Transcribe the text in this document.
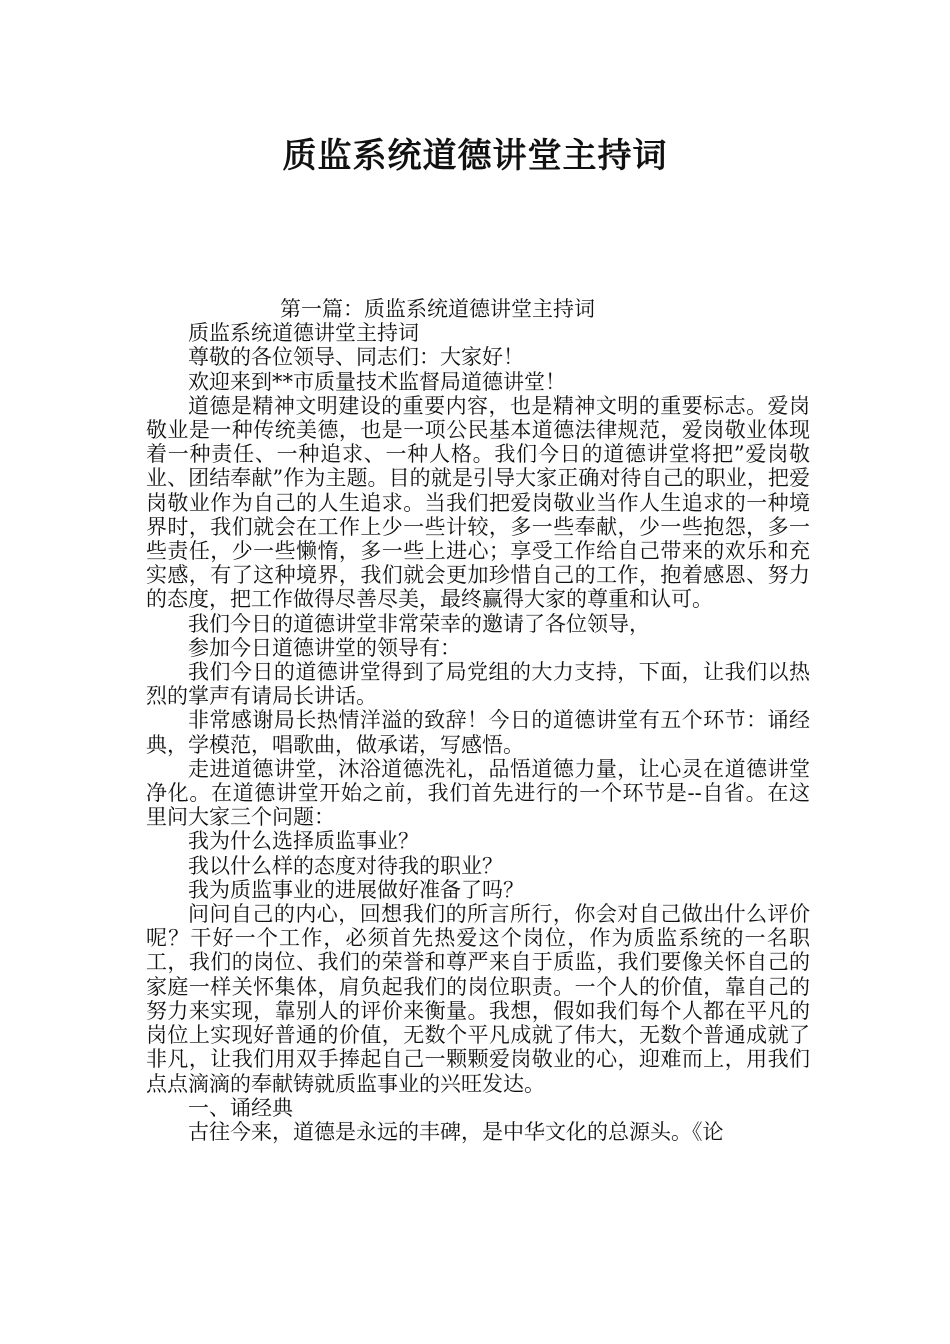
质监系统道德讲堂主持词

第一篇：质监系统道德讲堂主持词

质监系统道德讲堂主持词

尊敬的各位领导、同志们：大家好！

欢迎来到**市质量技术监督局道德讲堂！

道德是精神文明建设的重要内容，也是精神文明的重要标志。爱岗敬业是一种传统美德，也是一项公民基本道德法律规范，爱岗敬业体现着一种责任、一种追求、一种人格。我们今日的道德讲堂将把”爱岗敬业、团结奉献”作为主题。目的就是引导大家正确对待自己的职业，把爱岗敬业作为自己的人生追求。当我们把爱岗敬业当作人生追求的一种境界时，我们就会在工作上少一些计较，多一些奉献，少一些抱怨，多一些责任，少一些懒惰，多一些上进心；享受工作给自己带来的欢乐和充实感，有了这种境界，我们就会更加珍惜自己的工作，抱着感恩、努力的态度，把工作做得尽善尽美，最终赢得大家的尊重和认可。

我们今日的道德讲堂非常荣幸的邀请了各位领导，

参加今日道德讲堂的领导有：

我们今日的道德讲堂得到了局党组的大力支持，下面，让我们以热烈的掌声有请局长讲话。

非常感谢局长热情洋溢的致辞！今日的道德讲堂有五个环节：诵经典，学模范，唱歌曲，做承诺，写感悟。

走进道德讲堂，沐浴道德洗礼，品悟道德力量，让心灵在道德讲堂净化。在道德讲堂开始之前，我们首先进行的一个环节是--自省。在这里问大家三个问题：

我为什么选择质监事业？

我以什么样的态度对待我的职业？

我为质监事业的进展做好准备了吗？

问问自己的内心，回想我们的所言所行，你会对自己做出什么评价呢？干好一个工作，必须首先热爱这个岗位，作为质监系统的一名职工，我们的岗位、我们的荣誉和尊严来自于质监，我们要像关怀自己的家庭一样关怀集体，肩负起我们的岗位职责。一个人的价值，靠自己的努力来实现，靠别人的评价来衡量。我想，假如我们每个人都在平凡的岗位上实现好普通的价值，无数个平凡成就了伟大，无数个普通成就了非凡，让我们用双手捧起自己一颗颗爱岗敬业的心，迎难而上，用我们点点滴滴的奉献铸就质监事业的兴旺发达。

一、诵经典

古往今来，道德是永远的丰碑，是中华文化的总源头。《论
